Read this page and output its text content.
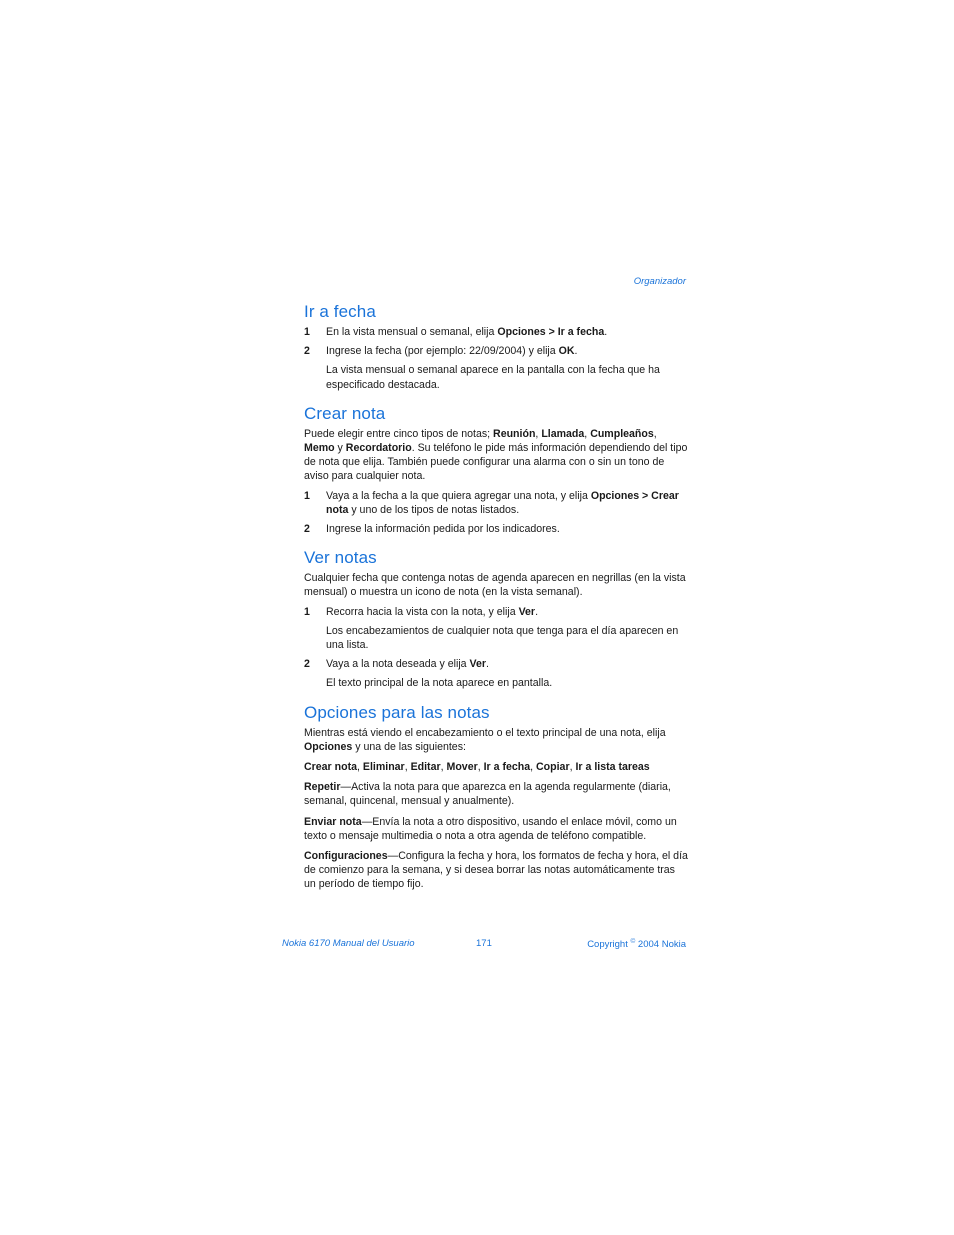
Organizador
Ir a fecha
1 En la vista mensual o semanal, elija Opciones > Ir a fecha.
2 Ingrese la fecha (por ejemplo: 22/09/2004) y elija OK.

La vista mensual o semanal aparece en la pantalla con la fecha que ha especificado destacada.

Crear nota

Puede elegir entre cinco tipos de notas; Reunión, Llamada, Cumpleaños, Memo y Recordatorio. Su teléfono le pide más información dependiendo del tipo de nota que elija. También puede configurar una alarma con o sin un tono de aviso para cualquier nota.

1 Vaya a la fecha a la que quiera agregar una nota, y elija Opciones > Crear nota y uno de los tipos de notas listados.
2 Ingrese la información pedida por los indicadores.
Ver notas

Cualquier fecha que contenga notas de agenda aparecen en negrillas (en la vista mensual) o muestra un icono de nota (en la vista semanal).

1 Recorra hacia la vista con la nota, y elija Ver.

Los encabezamientos de cualquier nota que tenga para el día aparecen en una lista.

2 Vaya a la nota deseada y elija Ver.

El texto principal de la nota aparece en pantalla.

Opciones para las notas

Mientras está viendo el encabezamiento o el texto principal de una nota, elija Opciones y una de las siguientes:

Crear nota, Eliminar, Editar, Mover, Ir a fecha, Copiar, Ir a lista tareas

Repetir—Activa la nota para que aparezca en la agenda regularmente (diaria, semanal, quincenal, mensual y anualmente).

Enviar nota—Envía la nota a otro dispositivo, usando el enlace móvil, como un texto o mensaje multimedia o nota a otra agenda de teléfono compatible.

Configuraciones—Configura la fecha y hora, los formatos de fecha y hora, el día de comienzo para la semana, y si desea borrar las notas automáticamente tras un período de tiempo fijo.

Nokia 6170 Manual del Usuario	171	Copyright © 2004 Nokia
